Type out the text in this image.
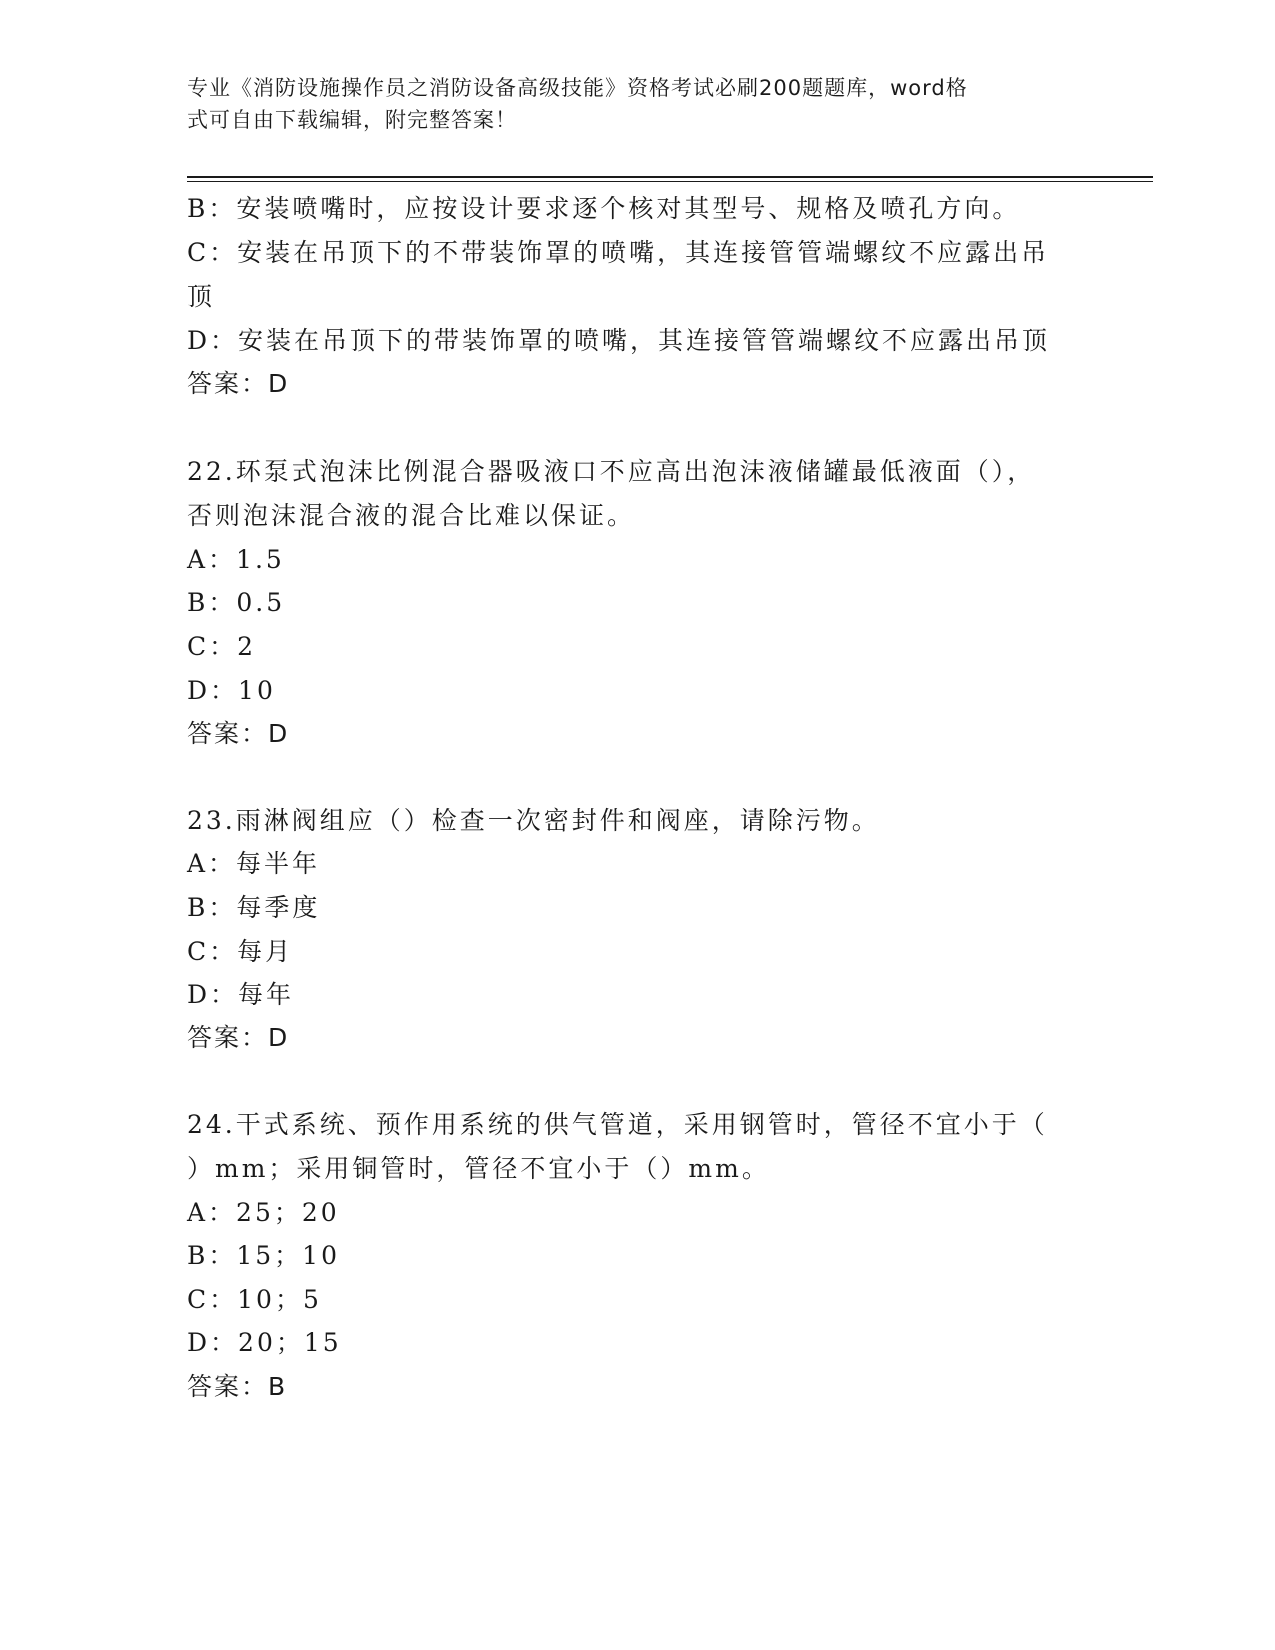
专业《消防设施操作员之消防设备高级技能》资格考试必刷200题题库，word格
式可自由下载编辑，附完整答案！
B：安装喷嘴时，应按设计要求逐个核对其型号、规格及喷孔方向。
C：安装在吊顶下的不带装饰罩的喷嘴，其连接管管端螺纹不应露出吊
顶
D：安装在吊顶下的带装饰罩的喷嘴，其连接管管端螺纹不应露出吊顶
答案：D
22.环泵式泡沫比例混合器吸液口不应高出泡沫液储罐最低液面（），
否则泡沫混合液的混合比难以保证。
A：1.5
B：0.5
C：2
D：10
答案：D
23.雨淋阀组应（）检查一次密封件和阀座，请除污物。
A：每半年
B：每季度
C：每月
D：每年
答案：D
24.干式系统、预作用系统的供气管道，采用钢管时，管径不宜小于（
）mm；采用铜管时，管径不宜小于（）mm。
A：25；20
B：15；10
C：10；5
D：20；15
答案：B
